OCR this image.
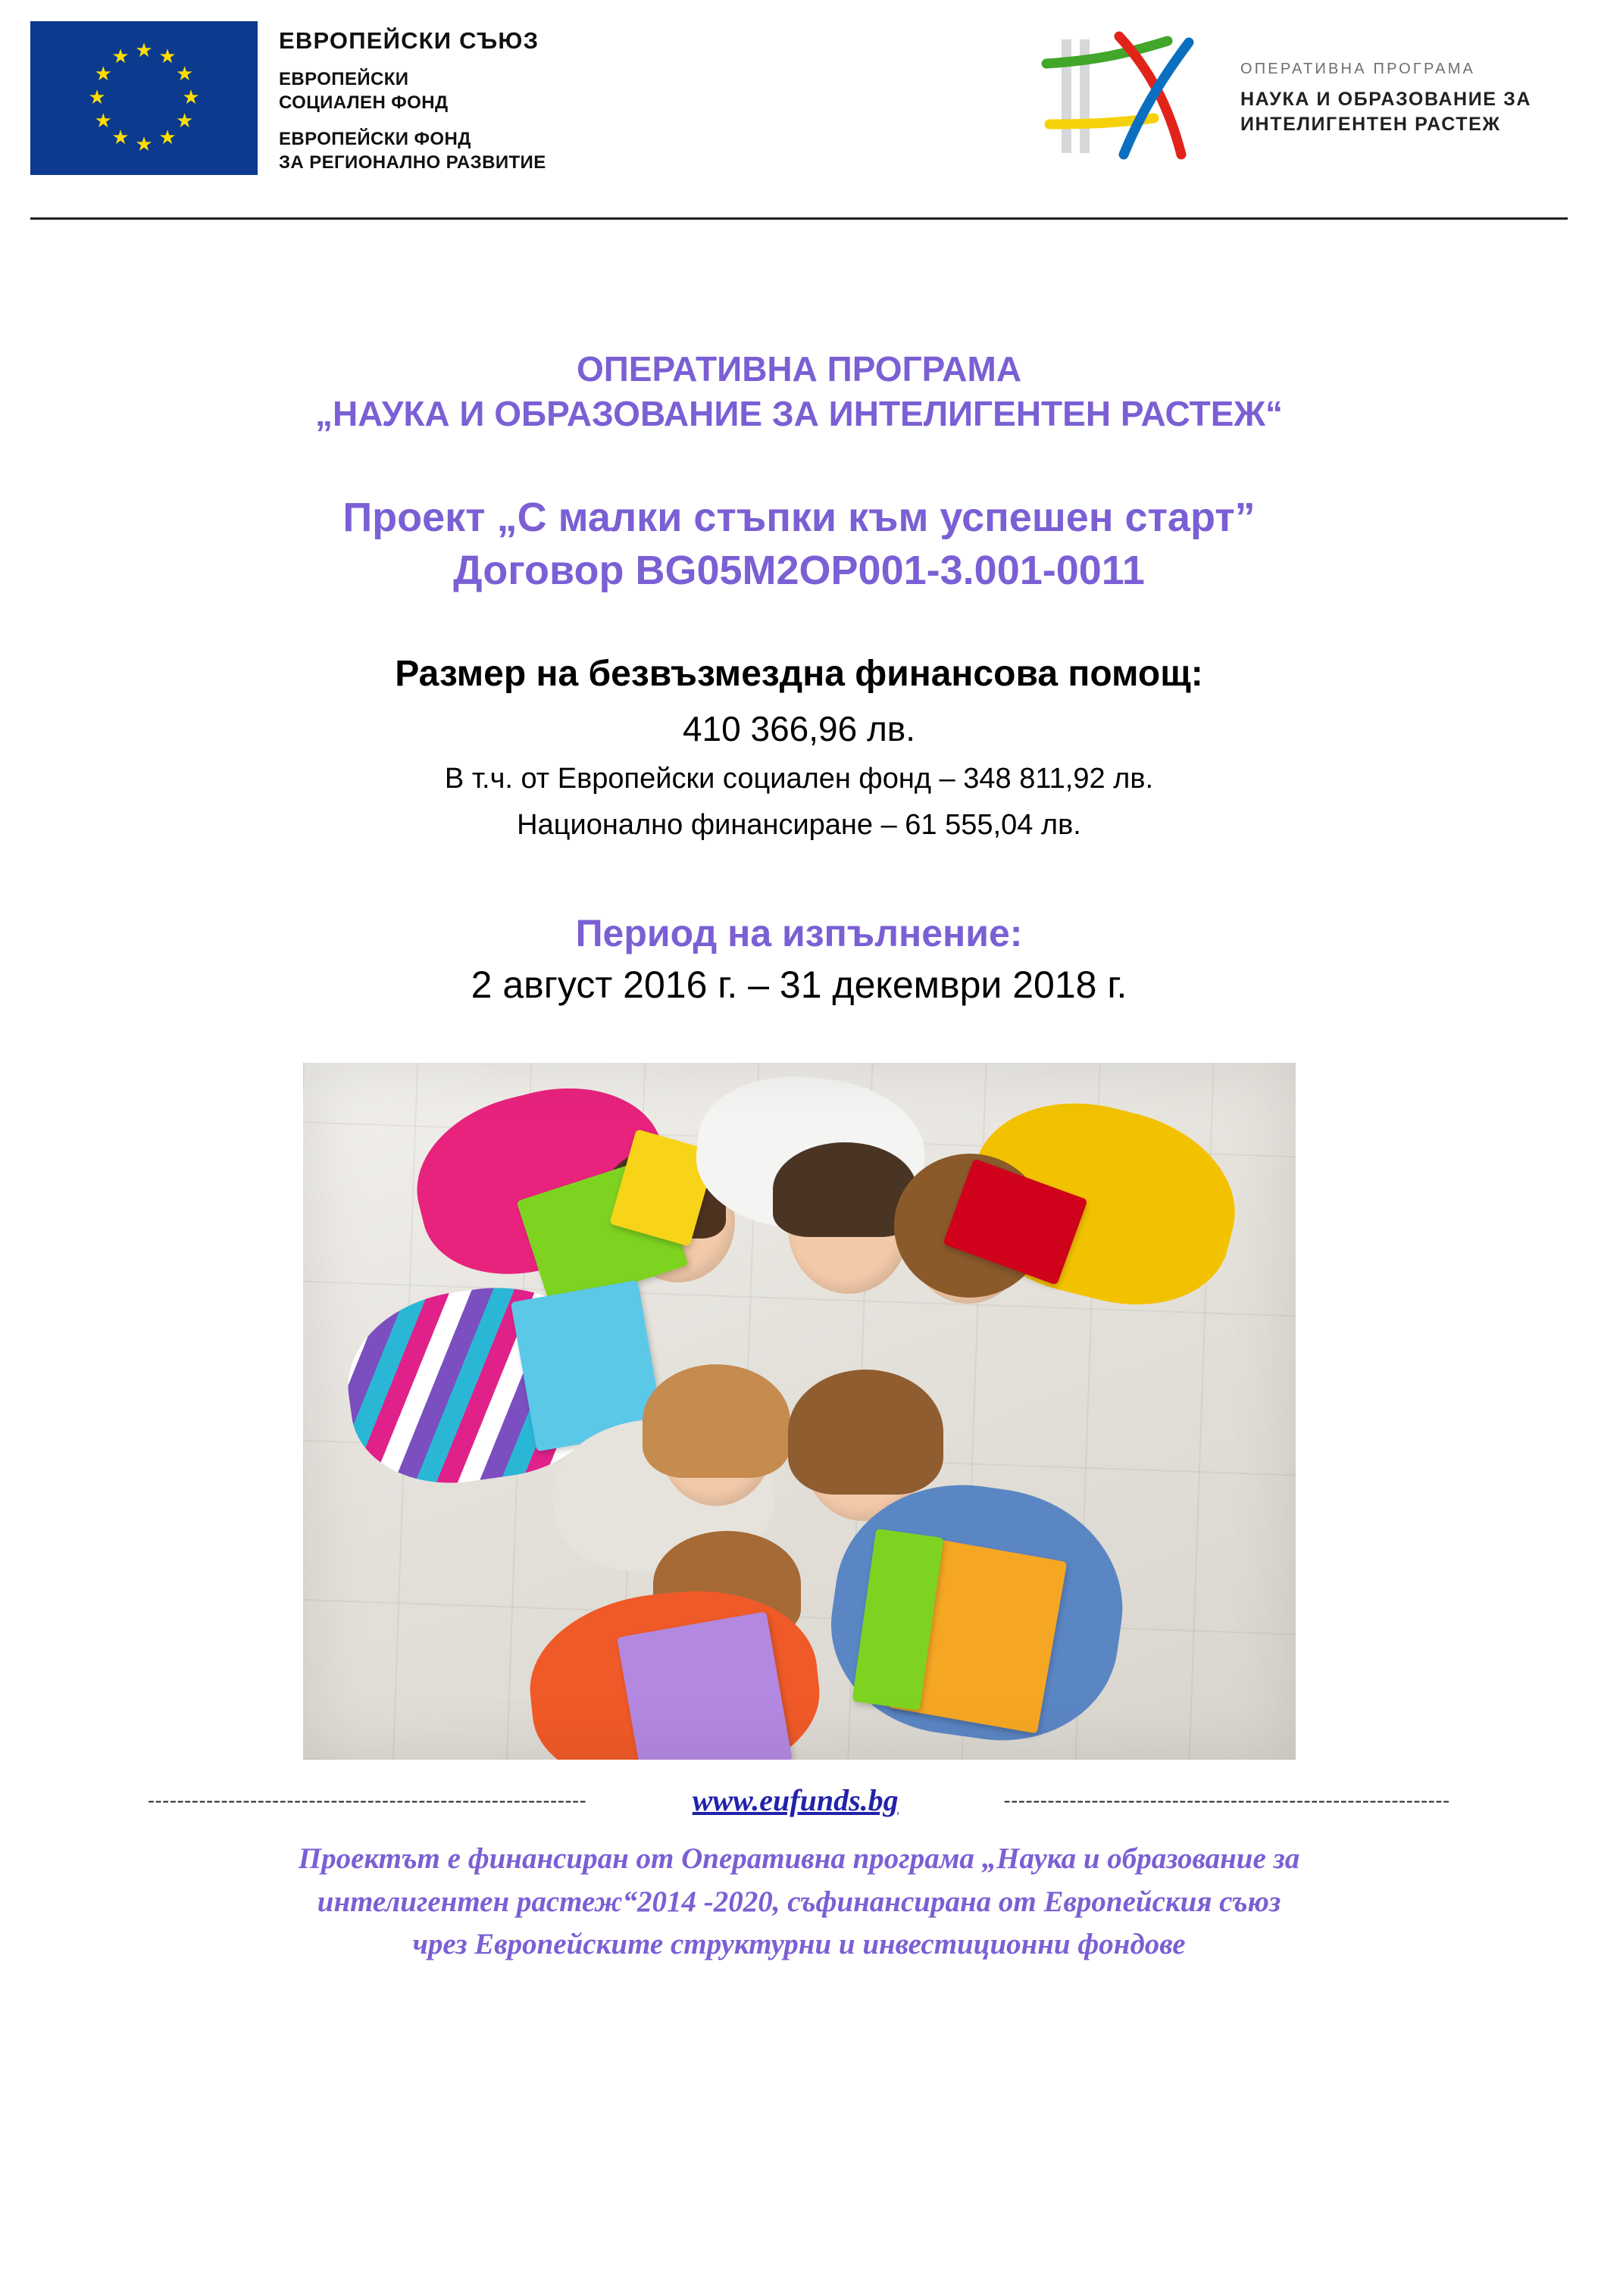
★ ★
★
★
★
★
★
★
★
★
★
★
ЕВРОПЕЙСКИ СЪЮЗ
ЕВРОПЕЙСКИ
СОЦИАЛЕН ФОНД
ЕВРОПЕЙСКИ ФОНД
ЗА РЕГИОНАЛНО РАЗВИТИЕ
ОПЕРАТИВНА ПРОГРАМА
НАУКА И ОБРАЗОВАНИЕ ЗА
ИНТЕЛИГЕНТЕН РАСТЕЖ
ОПЕРАТИВНА ПРОГРАМА
„НАУКА И ОБРАЗОВАНИЕ ЗА ИНТЕЛИГЕНТЕН РАСТЕЖ“
Проект „С малки стъпки към успешен старт”
Договор BG05M2OP001-3.001-0011
Размер на безвъзмездна финансова помощ:
410 366,96 лв.
В т.ч. от Европейски социален фонд – 348 811,92 лв.
Национално финансиране – 61 555,04 лв.
Период на изпълнение:
2 август 2016 г. – 31 декември 2018 г.
------------------------------------------------------------	www.eufunds.bg	-------------------------------------------------------------
Проектът е финансиран от Оперативна програма „Наука и образование за
интелигентен растеж“2014 -2020, съфинансирана от Европейския съюз
чрез Европейските структурни и инвестиционни фондове
